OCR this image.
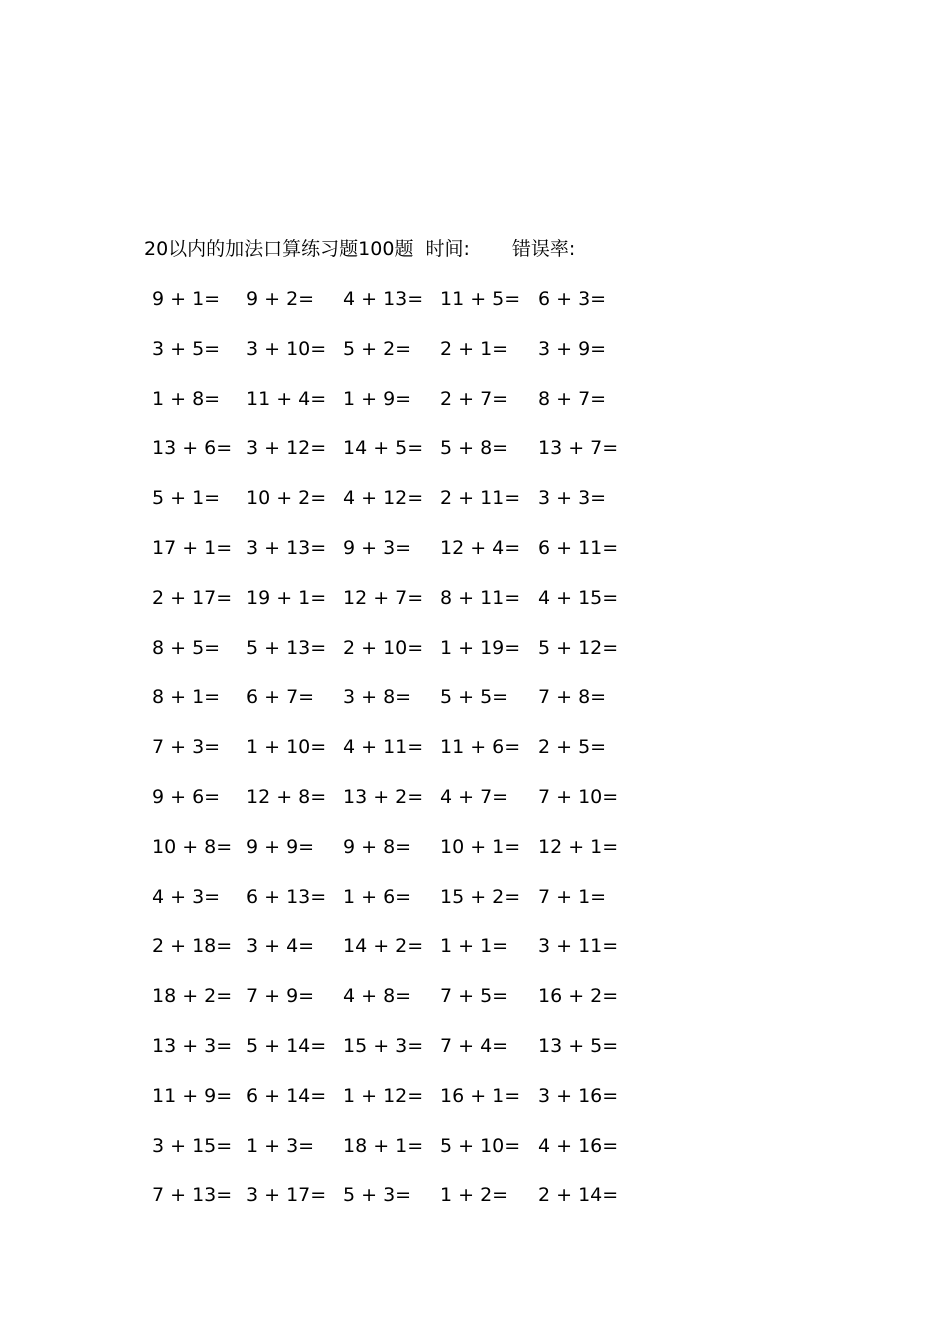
20以内的加法口算练习题100题 时间: 错误率:
9 + 1= 9 + 2= 4 + 13= 11 + 5= 6 + 3=
3 + 5= 3 + 10= 5 + 2= 2 + 1= 3 + 9=
1 + 8= 11 + 4= 1 + 9= 2 + 7= 8 + 7=
13 + 6= 3 + 12= 14 + 5= 5 + 8= 13 + 7=
5 + 1= 10 + 2= 4 + 12= 2 + 11= 3 + 3=
17 + 1= 3 + 13= 9 + 3= 12 + 4= 6 + 11=
2 + 17= 19 + 1= 12 + 7= 8 + 11= 4 + 15=
8 + 5= 5 + 13= 2 + 10= 1 + 19= 5 + 12=
8 + 1= 6 + 7= 3 + 8= 5 + 5= 7 + 8=
7 + 3= 1 + 10= 4 + 11= 11 + 6= 2 + 5=
9 + 6= 12 + 8= 13 + 2= 4 + 7= 7 + 10=
10 + 8= 9 + 9= 9 + 8= 10 + 1= 12 + 1=
4 + 3= 6 + 13= 1 + 6= 15 + 2= 7 + 1=
2 + 18= 3 + 4= 14 + 2= 1 + 1= 3 + 11=
18 + 2= 7 + 9= 4 + 8= 7 + 5= 16 + 2=
13 + 3= 5 + 14= 15 + 3= 7 + 4= 13 + 5=
11 + 9= 6 + 14= 1 + 12= 16 + 1= 3 + 16=
3 + 15= 1 + 3= 18 + 1= 5 + 10= 4 + 16=
7 + 13= 3 + 17= 5 + 3= 1 + 2= 2 + 14=
